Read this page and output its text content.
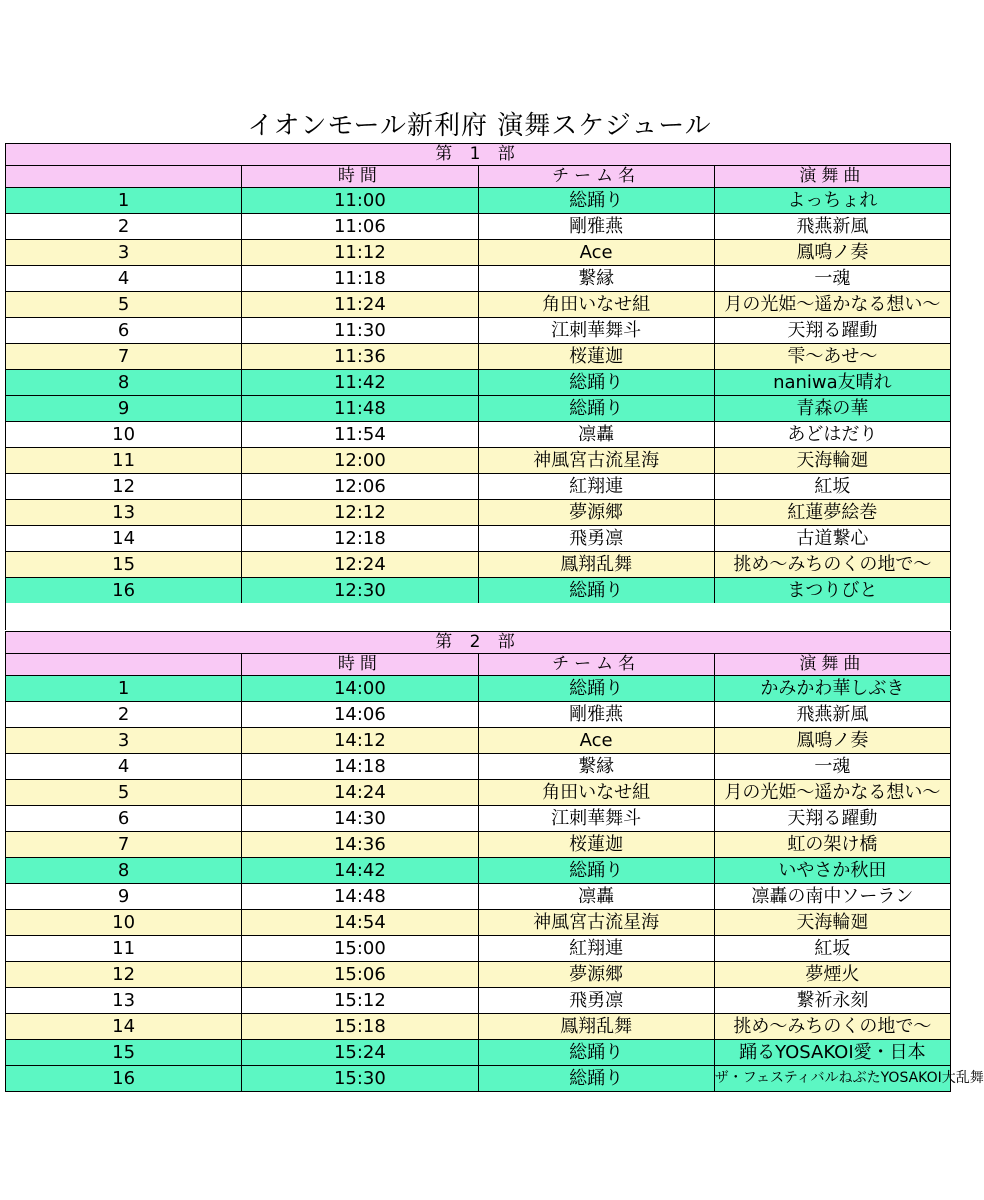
イオンモール新利府 演舞スケジュール
第 1 部			
	時間	チーム名	演舞曲
1	11:00	総踊り	よっちょれ
2	11:06	剛雅燕	飛燕新風
3	11:12	Ace	鳳鳴ノ奏
4	11:18	繋縁	一魂
5	11:24	角田いなせ組	月の光姫〜遥かなる想い〜
6	11:30	江刺華舞斗	天翔る躍動
7	11:36	桜蓮迦	雫〜あせ〜
8	11:42	総踊り	naniwa友晴れ
9	11:48	総踊り	青森の華
10	11:54	凛轟	あどはだり
11	12:00	神風宮古流星海	天海輪廻
12	12:06	紅翔連	紅坂
13	12:12	夢源郷	紅蓮夢絵巻
14	12:18	飛勇凛	古道繋心
15	12:24	鳳翔乱舞	挑め〜みちのくの地で〜
16	12:30	総踊り	まつりびと
第 2 部			
	時間	チーム名	演舞曲
1	14:00	総踊り	かみかわ華しぶき
2	14:06	剛雅燕	飛燕新風
3	14:12	Ace	鳳鳴ノ奏
4	14:18	繋縁	一魂
5	14:24	角田いなせ組	月の光姫〜遥かなる想い〜
6	14:30	江刺華舞斗	天翔る躍動
7	14:36	桜蓮迦	虹の架け橋
8	14:42	総踊り	いやさか秋田
9	14:48	凛轟	凛轟の南中ソーラン
10	14:54	神風宮古流星海	天海輪廻
11	15:00	紅翔連	紅坂
12	15:06	夢源郷	夢煙火
13	15:12	飛勇凛	繋祈永刻
14	15:18	鳳翔乱舞	挑め〜みちのくの地で〜
15	15:24	総踊り	踊るYOSAKOI愛・日本
16	15:30	総踊り	ザ・フェスティバルねぶたYOSAKOI大乱舞
